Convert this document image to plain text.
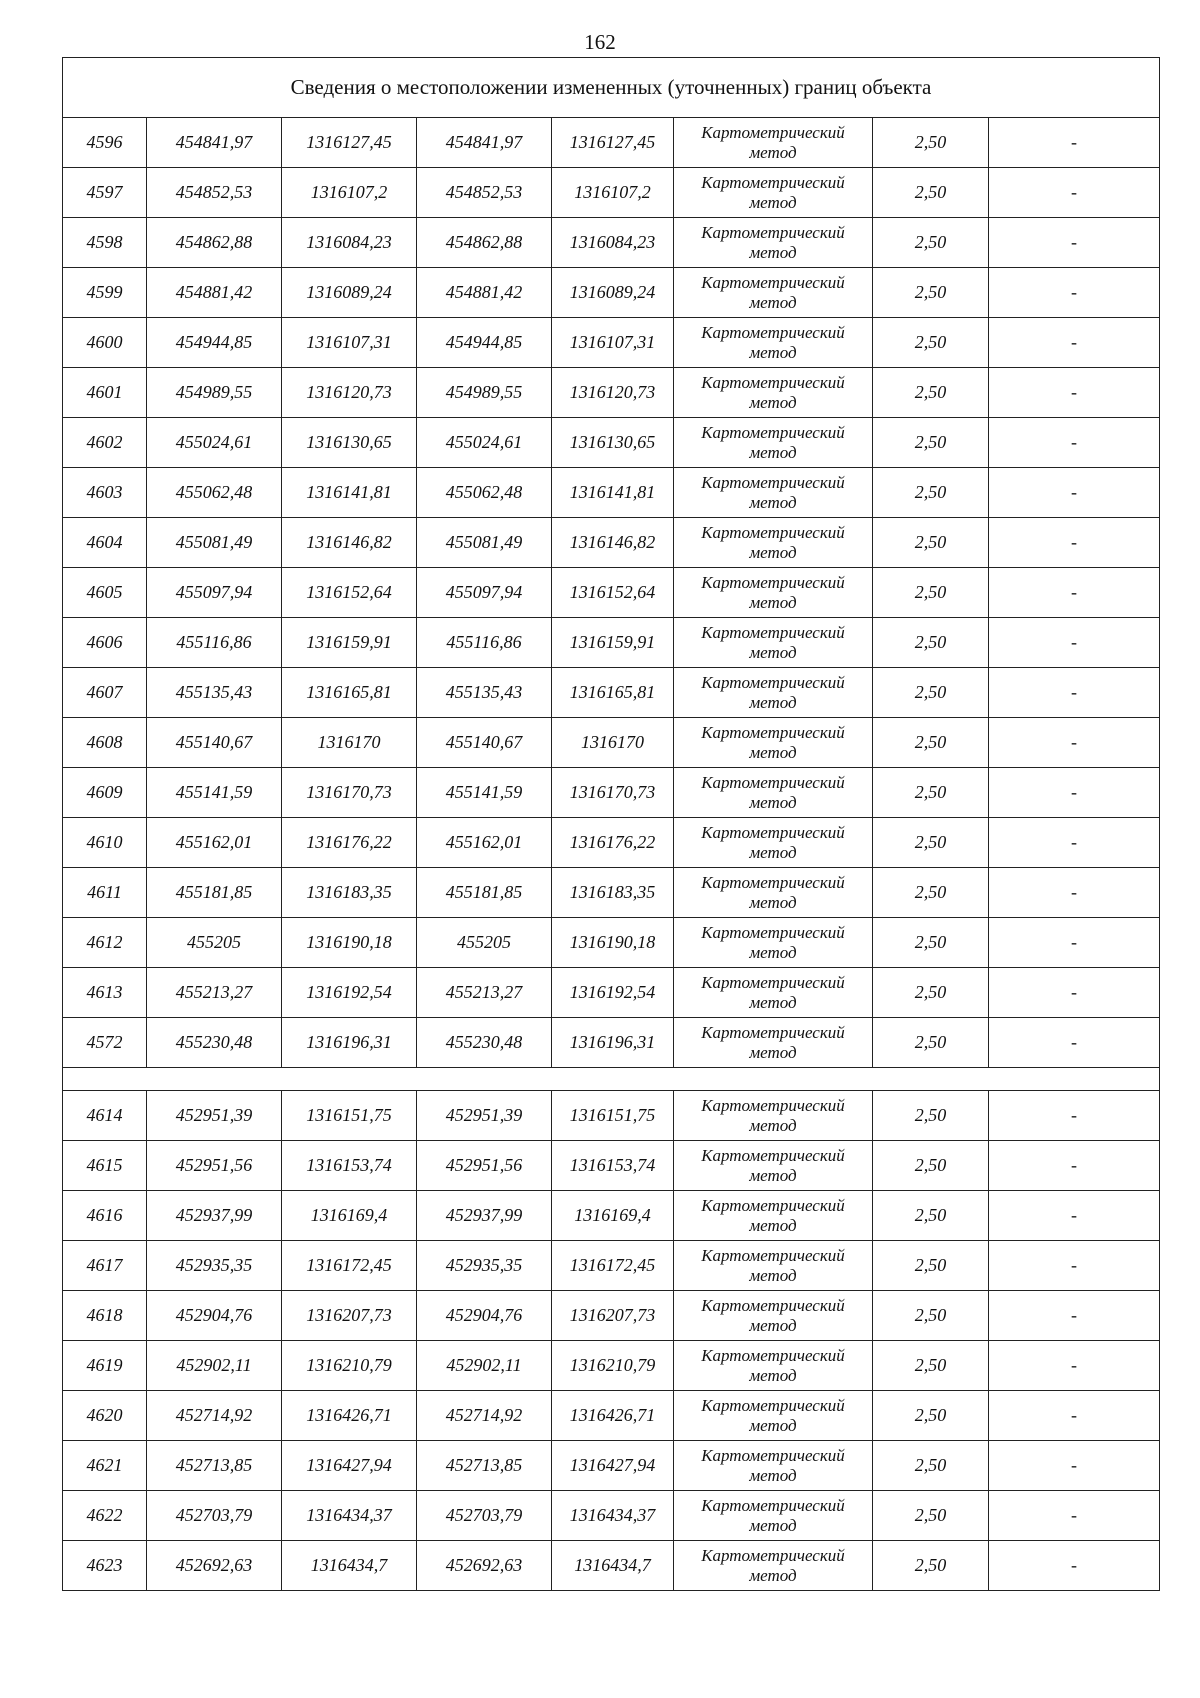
162
Сведения о местоположении измененных (уточненных) границ объекта							
4596	454841,97	1316127,45	454841,97	1316127,45	Картометрический
метод	2,50	-
4597	454852,53	1316107,2	454852,53	1316107,2	Картометрический
метод	2,50	-
4598	454862,88	1316084,23	454862,88	1316084,23	Картометрический
метод	2,50	-
4599	454881,42	1316089,24	454881,42	1316089,24	Картометрический
метод	2,50	-
4600	454944,85	1316107,31	454944,85	1316107,31	Картометрический
метод	2,50	-
4601	454989,55	1316120,73	454989,55	1316120,73	Картометрический
метод	2,50	-
4602	455024,61	1316130,65	455024,61	1316130,65	Картометрический
метод	2,50	-
4603	455062,48	1316141,81	455062,48	1316141,81	Картометрический
метод	2,50	-
4604	455081,49	1316146,82	455081,49	1316146,82	Картометрический
метод	2,50	-
4605	455097,94	1316152,64	455097,94	1316152,64	Картометрический
метод	2,50	-
4606	455116,86	1316159,91	455116,86	1316159,91	Картометрический
метод	2,50	-
4607	455135,43	1316165,81	455135,43	1316165,81	Картометрический
метод	2,50	-
4608	455140,67	1316170	455140,67	1316170	Картометрический
метод	2,50	-
4609	455141,59	1316170,73	455141,59	1316170,73	Картометрический
метод	2,50	-
4610	455162,01	1316176,22	455162,01	1316176,22	Картометрический
метод	2,50	-
4611	455181,85	1316183,35	455181,85	1316183,35	Картометрический
метод	2,50	-
4612	455205	1316190,18	455205	1316190,18	Картометрический
метод	2,50	-
4613	455213,27	1316192,54	455213,27	1316192,54	Картометрический
метод	2,50	-
4572	455230,48	1316196,31	455230,48	1316196,31	Картометрический
метод	2,50	-

4614	452951,39	1316151,75	452951,39	1316151,75	Картометрический
метод	2,50	-
4615	452951,56	1316153,74	452951,56	1316153,74	Картометрический
метод	2,50	-
4616	452937,99	1316169,4	452937,99	1316169,4	Картометрический
метод	2,50	-
4617	452935,35	1316172,45	452935,35	1316172,45	Картометрический
метод	2,50	-
4618	452904,76	1316207,73	452904,76	1316207,73	Картометрический
метод	2,50	-
4619	452902,11	1316210,79	452902,11	1316210,79	Картометрический
метод	2,50	-
4620	452714,92	1316426,71	452714,92	1316426,71	Картометрический
метод	2,50	-
4621	452713,85	1316427,94	452713,85	1316427,94	Картометрический
метод	2,50	-
4622	452703,79	1316434,37	452703,79	1316434,37	Картометрический
метод	2,50	-
4623	452692,63	1316434,7	452692,63	1316434,7	Картометрический
метод	2,50	-
